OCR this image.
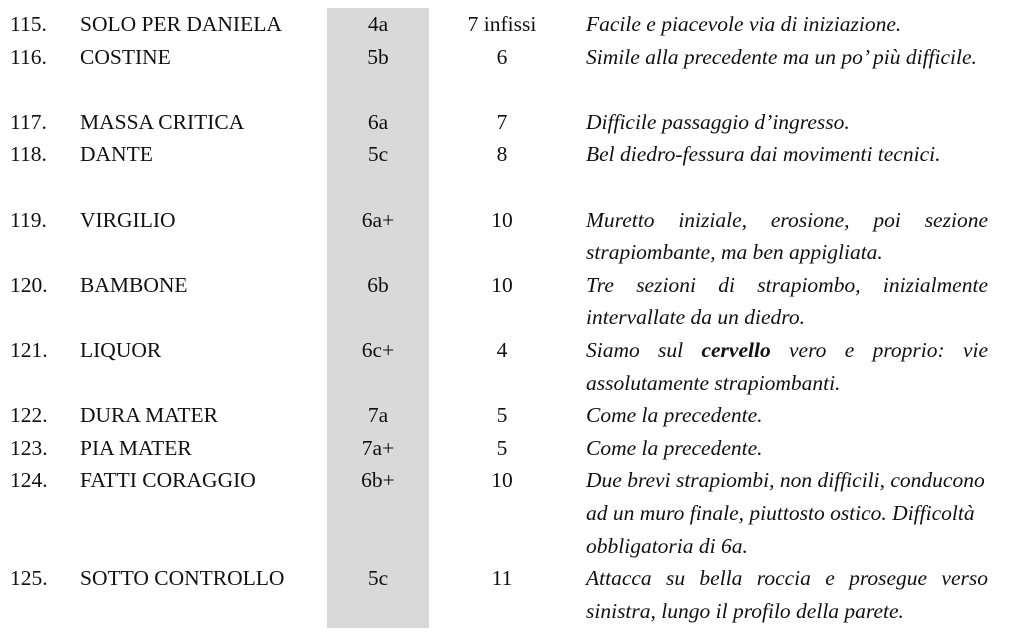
115. SOLO PER DANIELA	4a	7 infissi	Facile e piacevole via di iniziazione.
116. COSTINE	5b	6	Simile alla precedente ma un po’ più difficile.
117. MASSA CRITICA	6a	7	Difficile passaggio d’ingresso.
118. DANTE	5c	8	Bel diedro-fessura dai movimenti tecnici.
119. VIRGILIO	6a+	10	Muretto iniziale, erosione, poi sezione strapiombante, ma ben appigliata.
120. BAMBONE	6b	10	Tre sezioni di strapiombo, inizialmente intervallate da un diedro.
121. LIQUOR	6c+	4	Siamo sul cervello vero e proprio: vie assolutamente strapiombanti.
122. DURA MATER	7a	5	Come la precedente.
123. PIA MATER	7a+	5	Come la precedente.
124. FATTI CORAGGIO	6b+	10	Due brevi strapiombi, non difficili, conducono ad un muro finale, piuttosto ostico. Difficoltà obbligatoria di 6a.
125. SOTTO CONTROLLO	5c	11	Attacca su bella roccia e prosegue verso sinistra, lungo il profilo della parete.
